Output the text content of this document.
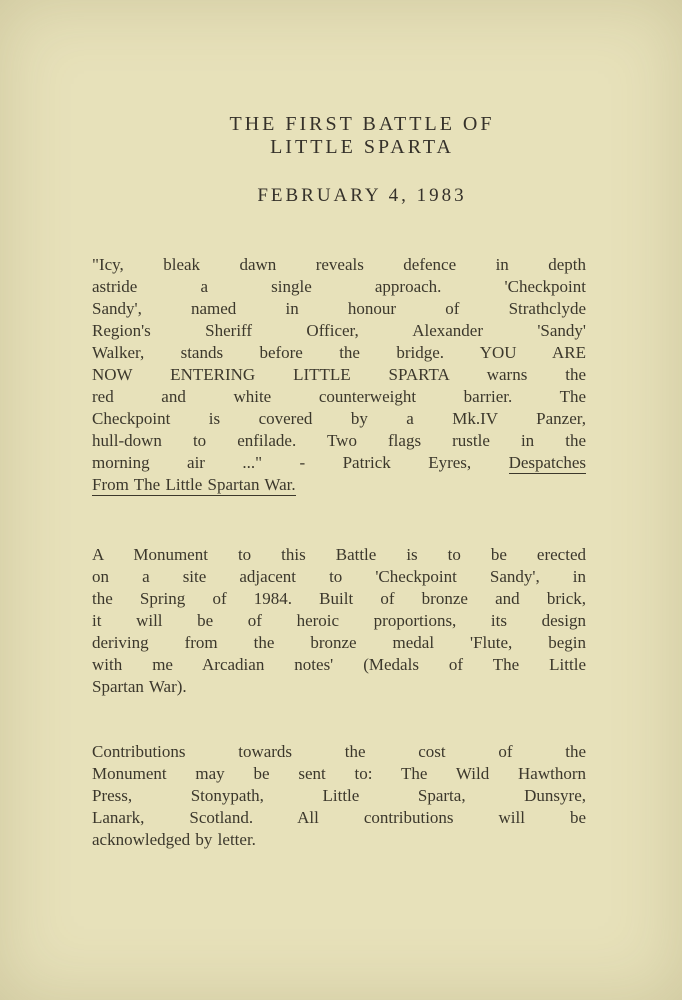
THE FIRST BATTLE OF
LITTLE SPARTA
FEBRUARY 4, 1983
"Icy, bleak dawn reveals defence in depth
astride a single approach. 'Checkpoint
Sandy', named in honour of Strathclyde
Region's Sheriff Officer, Alexander 'Sandy'
Walker, stands before the bridge. YOU ARE
NOW ENTERING LITTLE SPARTA warns the
red and white counterweight barrier. The
Checkpoint is covered by a Mk.IV Panzer,
hull-down to enfilade. Two flags rustle in the
morning air ..." - Patrick Eyres, Despatches
From The Little Spartan War.
A Monument to this Battle is to be erected
on a site adjacent to 'Checkpoint Sandy', in
the Spring of 1984. Built of bronze and brick,
it will be of heroic proportions, its design
deriving from the bronze medal 'Flute, begin
with me Arcadian notes' (Medals of The Little
Spartan War).
Contributions towards the cost of the
Monument may be sent to: The Wild Hawthorn
Press, Stonypath, Little Sparta, Dunsyre,
Lanark, Scotland. All contributions will be
acknowledged by letter.
